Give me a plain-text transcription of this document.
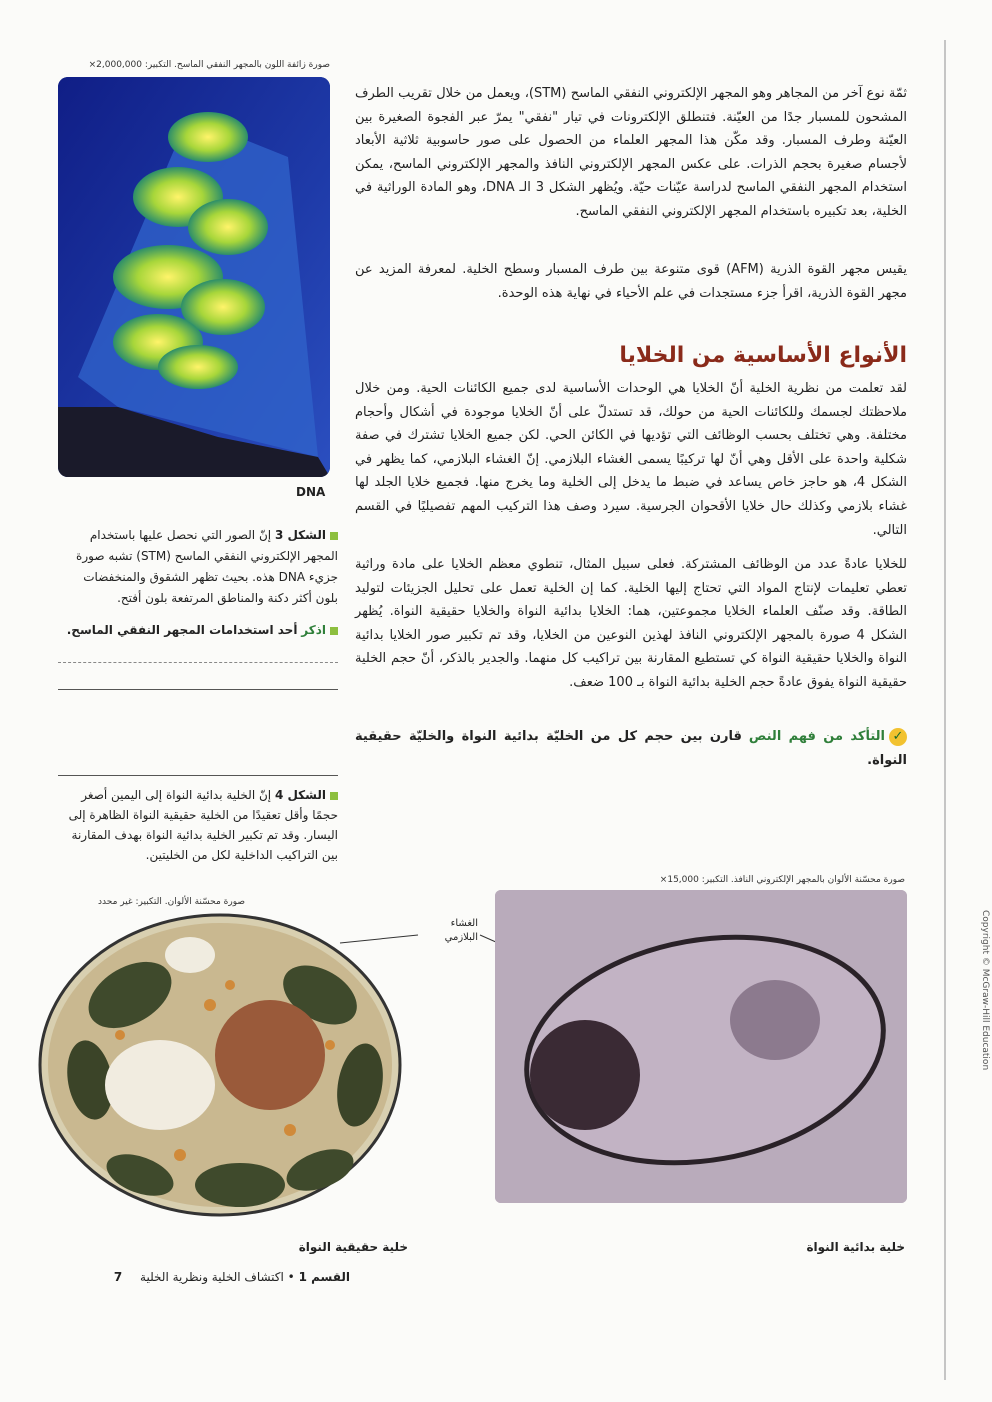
صورة زائفة اللون بالمجهر النفقي الماسح. التكبير: 2,000,000×
DNA
الشكل 3 إنّ الصور التي نحصل عليها باستخدام المجهر الإلكتروني النفقي الماسح (STM) تشبه صورة جزيء DNA هذه. بحيث تظهر الشقوق والمنخفضات بلون أكثر دكنة والمناطق المرتفعة بلون أفتح.
اذكر أحد استخدامات المجهر النفقي الماسح.
الشكل 4 إنّ الخلية بدائية النواة إلى اليمين أصغر حجمًا وأقل تعقيدًا من الخلية حقيقية النواة الظاهرة إلى اليسار. وقد تم تكبير الخلية بدائية النواة بهدف المقارنة بين التراكيب الداخلية لكل من الخليتين.
ثمّة نوع آخر من المجاهر وهو المجهر الإلكتروني النفقي الماسح (STM)، ويعمل من خلال تقريب الطرف المشحون للمسبار جدًا من العيّنة. فتنطلق الإلكترونات في تيار "نفقي" يمرّ عبر الفجوة الصغيرة بين العيّنة وطرف المسبار. وقد مكّن هذا المجهر العلماء من الحصول على صور حاسوبية ثلاثية الأبعاد لأجسام صغيرة بحجم الذرات. على عكس المجهر الإلكتروني النافذ والمجهر الإلكتروني الماسح، يمكن استخدام المجهر النفقي الماسح لدراسة عيّنات حيّة. ويُظهر الشكل 3 الـ DNA، وهو المادة الوراثية في الخلية، بعد تكبيره باستخدام المجهر الإلكتروني النفقي الماسح.
يقيس مجهر القوة الذرية (AFM) قوى متنوعة بين طرف المسبار وسطح الخلية. لمعرفة المزيد عن مجهر القوة الذرية، اقرأ جزء مستجدات في علم الأحياء في نهاية هذه الوحدة.
الأنواع الأساسية من الخلايا
لقد تعلمت من نظرية الخلية أنّ الخلايا هي الوحدات الأساسية لدى جميع الكائنات الحية. ومن خلال ملاحظتك لجسمك وللكائنات الحية من حولك، قد تستدلّ على أنّ الخلايا موجودة في أشكال وأحجام مختلفة. وهي تختلف بحسب الوظائف التي تؤديها في الكائن الحي. لكن جميع الخلايا تشترك في صفة شكلية واحدة على الأقل وهي أنّ لها تركيبًا يسمى الغشاء البلازمي. إنّ الغشاء البلازمي، كما يظهر في الشكل 4، هو حاجز خاص يساعد في ضبط ما يدخل إلى الخلية وما يخرج منها. فجميع خلايا الجلد لها غشاء بلازمي وكذلك حال خلايا الأقحوان الجرسية. سيرد وصف هذا التركيب المهم تفصيليًا في القسم التالي.
للخلايا عادةً عدد من الوظائف المشتركة. فعلى سبيل المثال، تنطوي معظم الخلايا على مادة وراثية تعطي تعليمات لإنتاج المواد التي تحتاج إليها الخلية. كما إن الخلية تعمل على تحليل الجزيئات لتوليد الطاقة. وقد صنّف العلماء الخلايا مجموعتين، هما: الخلايا بدائية النواة والخلايا حقيقية النواة. يُظهر الشكل 4 صورة بالمجهر الإلكتروني النافذ لهذين النوعين من الخلايا، وقد تم تكبير صور الخلايا بدائية النواة والخلايا حقيقية النواة كي تستطيع المقارنة بين تراكيب كل منهما. والجدير بالذكر، أنّ حجم الخلية حقيقية النواة يفوق عادةً حجم الخلية بدائية النواة بـ 100 ضعف.
✓التأكد من فهم النص قارن بين حجم كل من الخليّة بدائية النواة والخليّة حقيقية النواة.
صورة محسّنة الألوان. التكبير: غير محدد
الغشاء البلازمي
صورة محسّنة الألوان بالمجهر الإلكتروني النافذ. التكبير: 15,000×
خلية حقيقية النواة	خلية بدائية النواة
القسم 1 • اكتشاف الخلية ونظرية الخلية 7
Copyright © McGraw-Hill Education
